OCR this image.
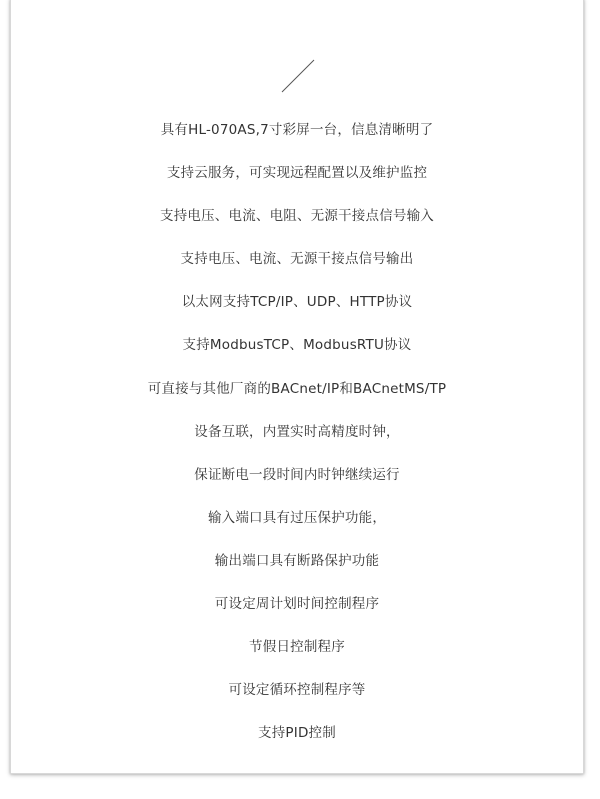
具有HL-070AS,7寸彩屏一台，信息清晰明了
支持云服务，可实现远程配置以及维护监控
支持电压、电流、电阻、无源干接点信号输入
支持电压、电流、无源干接点信号输出
以太网支持TCP/IP、UDP、HTTP协议
支持ModbusTCP、ModbusRTU协议
可直接与其他厂商的BACnet/IP和BACnetMS/TP
设备互联，内置实时高精度时钟，
保证断电一段时间内时钟继续运行
输入端口具有过压保护功能，
输出端口具有断路保护功能
可设定周计划时间控制程序
节假日控制程序
可设定循环控制程序等
支持PID控制
